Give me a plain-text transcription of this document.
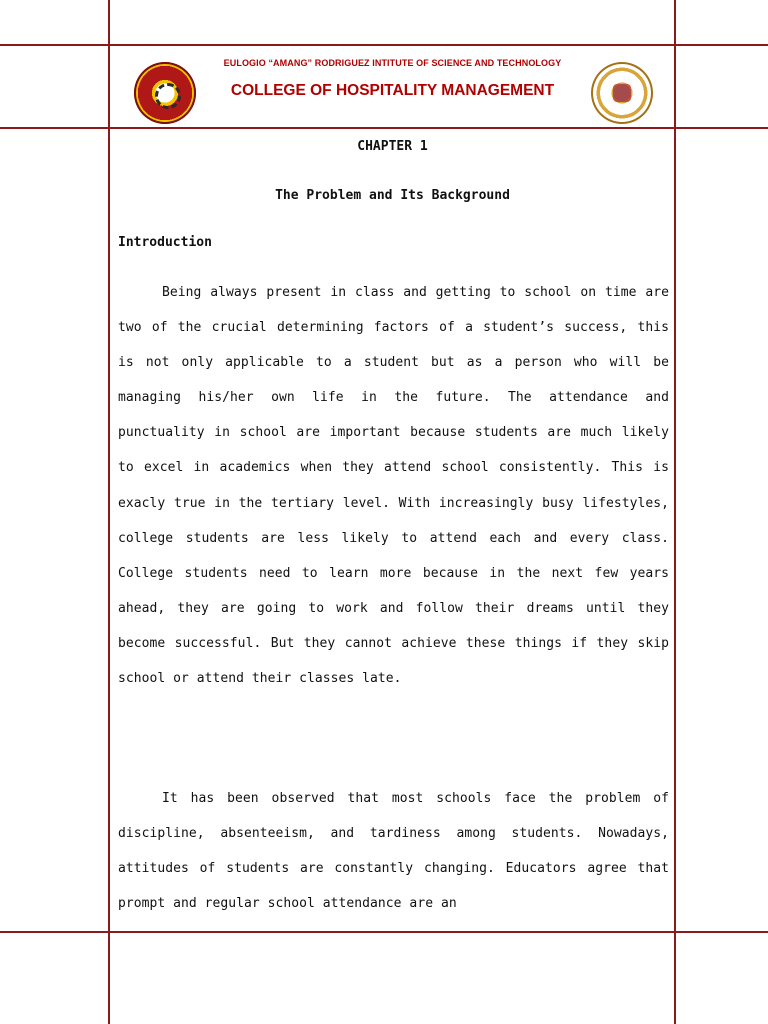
EULOGIO “AMANG” RODRIGUEZ INTITUTE OF SCIENCE AND TECHNOLOGY
COLLEGE OF HOSPITALITY MANAGEMENT
CHAPTER 1
The Problem and Its Background
Introduction

Being always present in class and getting to school on time are two of the crucial determining factors of a student’s success, this is not only applicable to a student but as a person who will be managing his/her own life in the future. The attendance and punctuality in school are important because students are much likely to excel in academics when they attend school consistently. This is exacly true in the tertiary level. With increasingly busy lifestyles, college students are less likely to attend each and every class. College students need to learn more because in the next few years ahead, they are going to work and follow their dreams until they become successful. But they cannot achieve these things if they skip school or attend their classes late.

It has been observed that most schools face the problem of discipline, absenteeism, and tardiness among students. Nowadays, attitudes of students are constantly changing. Educators agree that prompt and regular school attendance are an
